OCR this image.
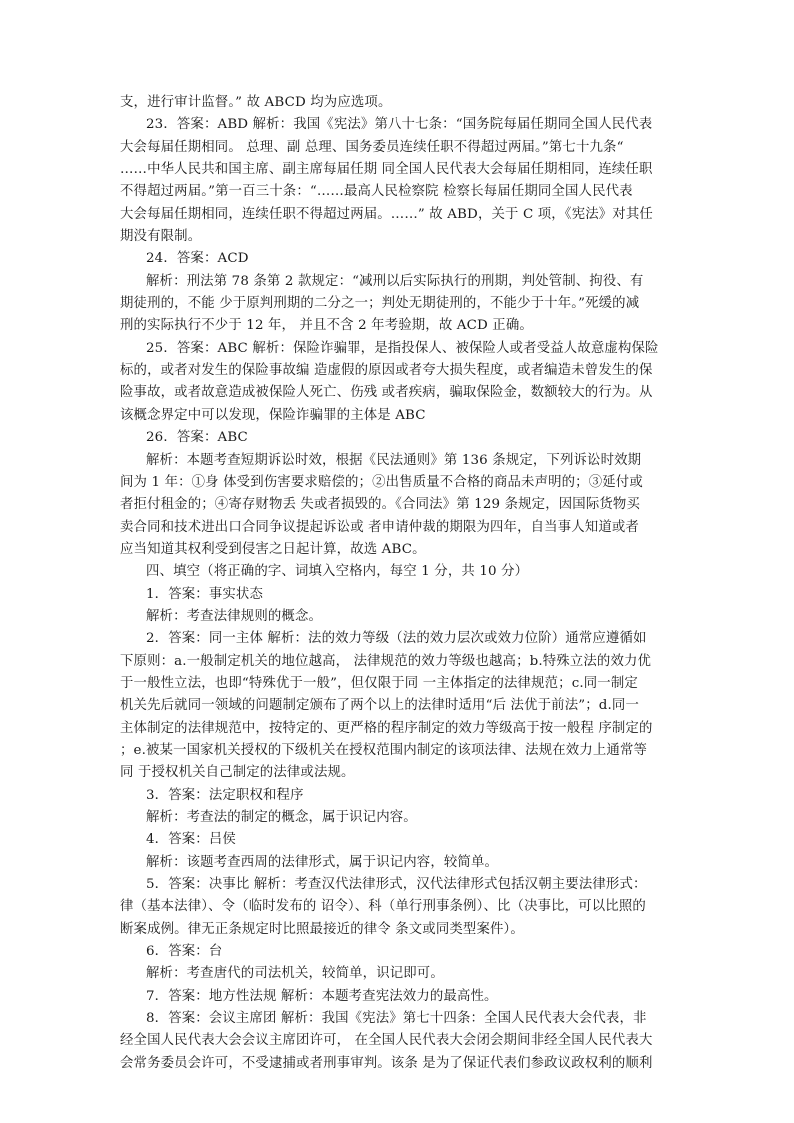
支，进行审计监督。” 故 ABCD 均为应选项。
23．答案：ABD 解析：我国《宪法》第八十七条：“国务院每届任期同全国人民代表
大会每届任期相同。 总理、副 总理、国务委员连续任职不得超过两届。”第七十九条“
……中华人民共和国主席、副主席每届任期 同全国人民代表大会每届任期相同，连续任职
不得超过两届。”第一百三十条：“……最高人民检察院 检察长每届任期同全国人民代表
大会每届任期相同，连续任职不得超过两届。……” 故 ABD，关于 C 项，《宪法》对其任
期没有限制。
24．答案：ACD
解析：刑法第 78 条第 2 款规定：“减刑以后实际执行的刑期，判处管制、拘役、有
期徒刑的，不能 少于原判刑期的二分之一；判处无期徒刑的，不能少于十年。”死缓的减
刑的实际执行不少于 12 年， 并且不含 2 年考验期，故 ACD 正确。
25．答案：ABC 解析：保险诈骗罪，是指投保人、被保险人或者受益人故意虚构保险
标的，或者对发生的保险事故编 造虚假的原因或者夸大损失程度，或者编造未曾发生的保
险事故，或者故意造成被保险人死亡、伤残 或者疾病，骗取保险金，数额较大的行为。从
该概念界定中可以发现，保险诈骗罪的主体是 ABC
26．答案：ABC
解析：本题考查短期诉讼时效，根据《民法通则》第 136 条规定，下列诉讼时效期
间为 1 年：①身 体受到伤害要求赔偿的；②出售质量不合格的商品未声明的；③延付或
者拒付租金的；④寄存财物丢 失或者损毁的。《合同法》第 129 条规定，因国际货物买
卖合同和技术进出口合同争议提起诉讼或 者申请仲裁的期限为四年，自当事人知道或者
应当知道其权利受到侵害之日起计算，故选 ABC。
四、填空（将正确的字、词填入空格内，每空 1 分，共 10 分）
1．答案：事实状态
解析：考查法律规则的概念。
2．答案：同一主体 解析：法的效力等级（法的效力层次或效力位阶）通常应遵循如
下原则：a.一般制定机关的地位越高， 法律规范的效力等级也越高；b.特殊立法的效力优
于一般性立法，也即“特殊优于一般”，但仅限于同 一主体指定的法律规范；c.同一制定
机关先后就同一领域的问题制定颁布了两个以上的法律时适用“后 法优于前法”；d.同一
主体制定的法律规范中，按特定的、更严格的程序制定的效力等级高于按一般程 序制定的
；e.被某一国家机关授权的下级机关在授权范围内制定的该项法律、法规在效力上通常等
同 于授权机关自己制定的法律或法规。
3．答案：法定职权和程序
解析：考查法的制定的概念，属于识记内容。
4．答案：吕侯
解析：该题考查西周的法律形式，属于识记内容，较简单。
5．答案：决事比 解析：考查汉代法律形式，汉代法律形式包括汉朝主要法律形式：
律（基本法律）、令（临时发布的 诏令）、科（单行刑事条例）、比（决事比，可以比照的
断案成例。律无正条规定时比照最接近的律令 条文或同类型案件）。
6．答案：台
解析：考查唐代的司法机关，较简单，识记即可。
7．答案：地方性法规 解析：本题考查宪法效力的最高性。
8．答案：会议主席团 解析：我国《宪法》第七十四条：全国人民代表大会代表，非
经全国人民代表大会会议主席团许可， 在全国人民代表大会闭会期间非经全国人民代表大
会常务委员会许可，不受逮捕或者刑事审判。该条 是为了保证代表们参政议政权利的顺利
